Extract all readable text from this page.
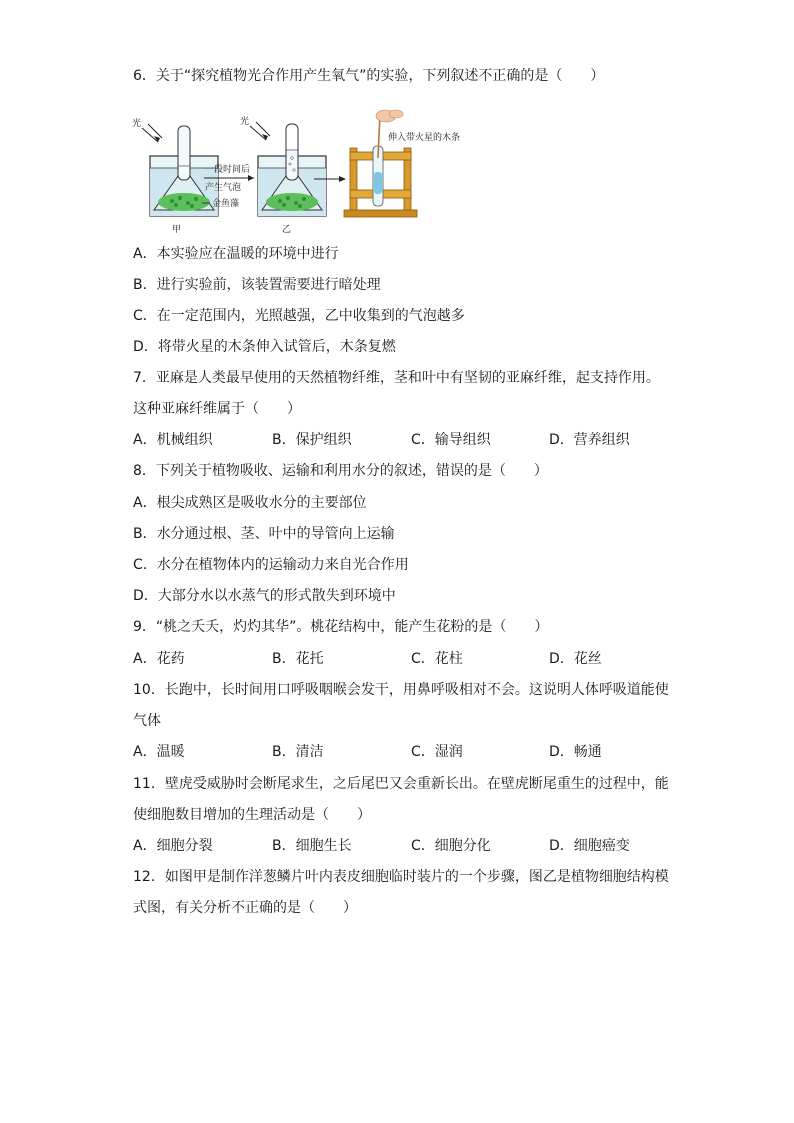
6．关于“探究植物光合作用产生氧气”的实验，下列叙述不正确的是（　　）
光
甲
一段时间后
产生气泡
金鱼藻
光
乙
伸入带火星的木条
A．本实验应在温暖的环境中进行
B．进行实验前，该装置需要进行暗处理
C．在一定范围内，光照越强，乙中收集到的气泡越多
D．将带火星的木条伸入试管后，木条复燃
7．亚麻是人类最早使用的天然植物纤维，茎和叶中有坚韧的亚麻纤维，起支持作用。
这种亚麻纤维属于（　　）
A．机械组织	B．保护组织	C．输导组织	D．营养组织
8．下列关于植物吸收、运输和利用水分的叙述，错误的是（　　）
A．根尖成熟区是吸收水分的主要部位
B．水分通过根、茎、叶中的导管向上运输
C．水分在植物体内的运输动力来自光合作用
D．大部分水以水蒸气的形式散失到环境中
9．“桃之夭夭，灼灼其华”。桃花结构中，能产生花粉的是（　　）
A．花药	B．花托	C．花柱	D．花丝
10．长跑中，长时间用口呼吸咽喉会发干，用鼻呼吸相对不会。这说明人体呼吸道能使
气体
A．温暖	B．清洁	C．湿润	D．畅通
11．壁虎受威胁时会断尾求生，之后尾巴又会重新长出。在壁虎断尾重生的过程中，能
使细胞数目增加的生理活动是（　　）
A．细胞分裂	B．细胞生长	C．细胞分化	D．细胞癌变
12．如图甲是制作洋葱鳞片叶内表皮细胞临时装片的一个步骤，图乙是植物细胞结构模
式图，有关分析不正确的是（　　）
